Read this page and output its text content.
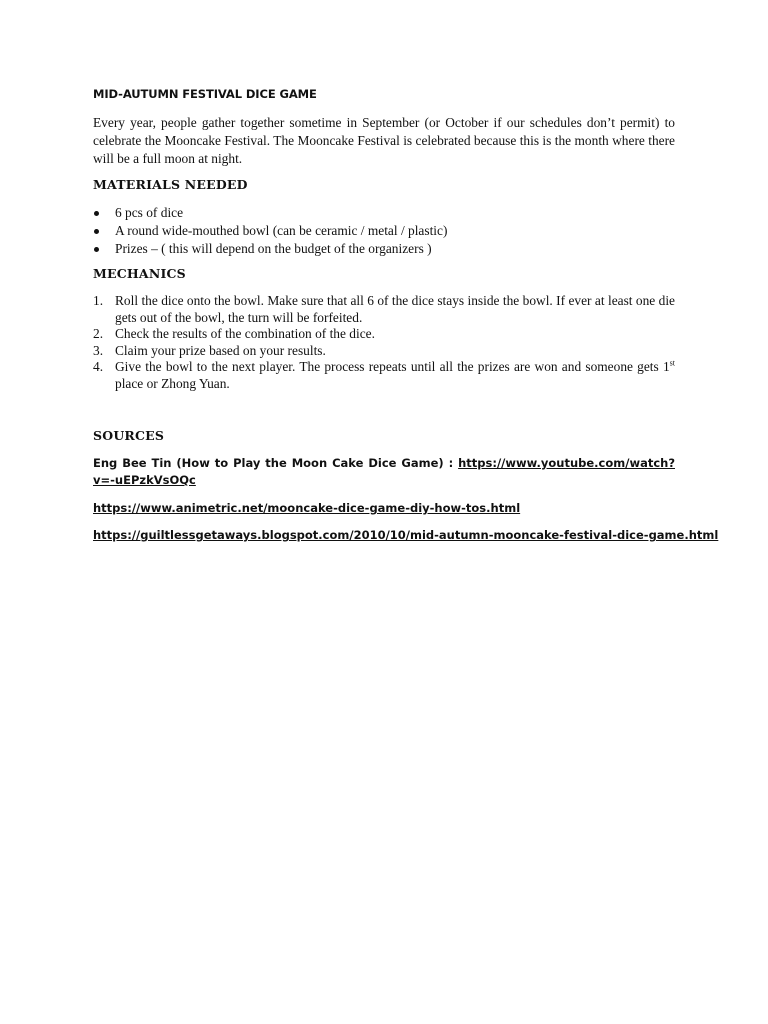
MID-AUTUMN FESTIVAL DICE GAME
Every year, people gather together sometime in September (or October if our schedules don’t permit) to celebrate the Mooncake Festival. The Mooncake Festival is celebrated because this is the month where there will be a full moon at night.
MATERIALS NEEDED
6 pcs of dice
A round wide-mouthed bowl (can be ceramic / metal / plastic)
Prizes – ( this will depend on the budget of the organizers )
MECHANICS
1. Roll the dice onto the bowl. Make sure that all 6 of the dice stays inside the bowl. If ever at least one die gets out of the bowl, the turn will be forfeited.
2. Check the results of the combination of the dice.
3. Claim your prize based on your results.
4. Give the bowl to the next player. The process repeats until all the prizes are won and someone gets 1st place or Zhong Yuan.
SOURCES
Eng Bee Tin (How to Play the Moon Cake Dice Game) : https://www.youtube.com/watch?v=-uEPzkVsOQc
https://www.animetric.net/mooncake-dice-game-diy-how-tos.html
https://guiltlessgetaways.blogspot.com/2010/10/mid-autumn-mooncake-festival-dice-game.html
